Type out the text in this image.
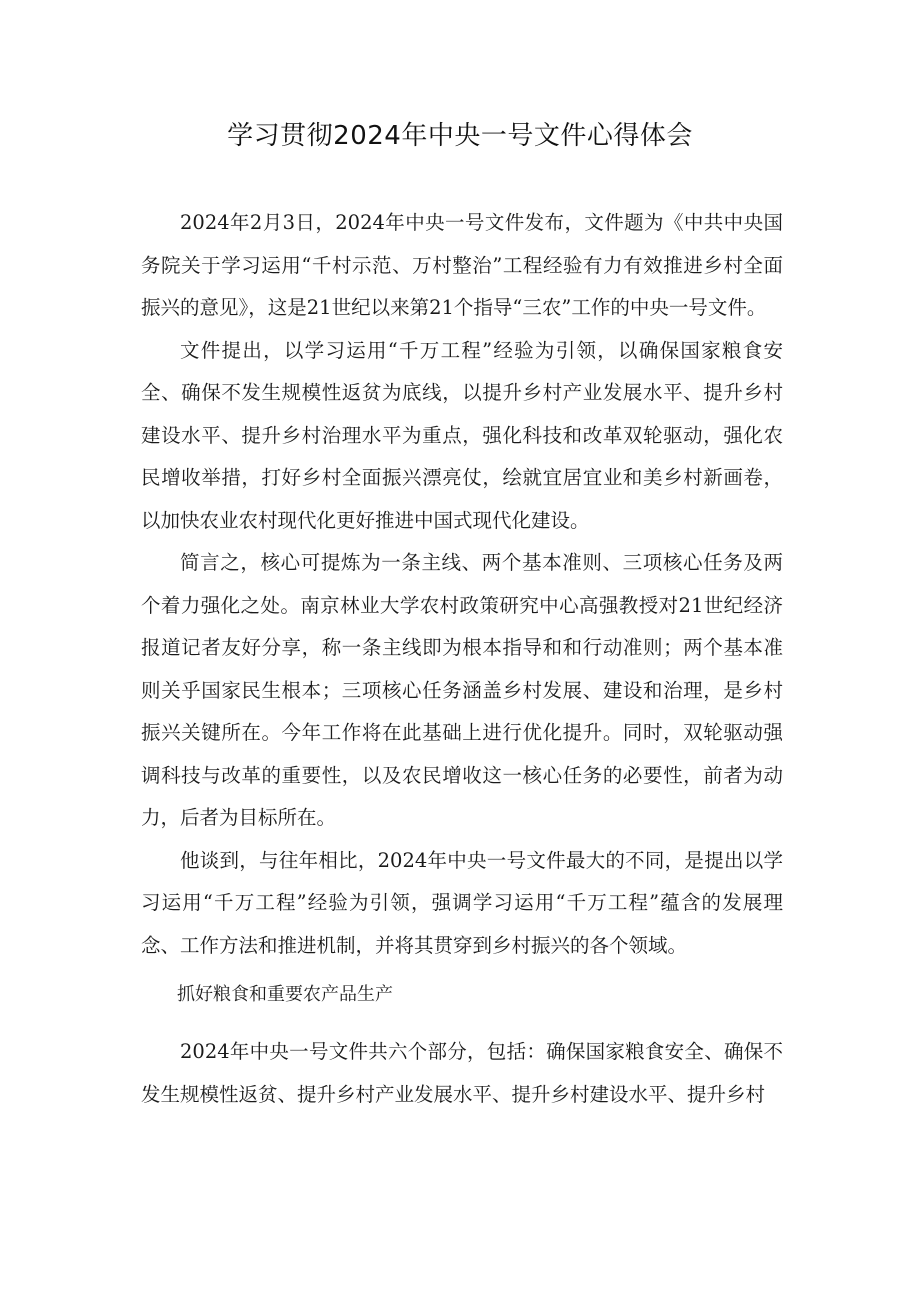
学习贯彻2024年中央一号文件心得体会

2024年2月3日，2024年中央一号文件发布，文件题为《中共中央国务院关于学习运用“千村示范、万村整治”工程经验有力有效推进乡村全面振兴的意见》，这是21世纪以来第21个指导“三农”工作的中央一号文件。

文件提出，以学习运用“千万工程”经验为引领，以确保国家粮食安全、确保不发生规模性返贫为底线，以提升乡村产业发展水平、提升乡村建设水平、提升乡村治理水平为重点，强化科技和改革双轮驱动，强化农民增收举措，打好乡村全面振兴漂亮仗，绘就宜居宜业和美乡村新画卷，以加快农业农村现代化更好推进中国式现代化建设。

简言之，核心可提炼为一条主线、两个基本准则、三项核心任务及两个着力强化之处。南京林业大学农村政策研究中心高强教授对21世纪经济报道记者友好分享，称一条主线即为根本指导和和行动准则；两个基本准则关乎国家民生根本；三项核心任务涵盖乡村发展、建设和治理，是乡村振兴关键所在。今年工作将在此基础上进行优化提升。同时，双轮驱动强调科技与改革的重要性，以及农民增收这一核心任务的必要性，前者为动力，后者为目标所在。

他谈到，与往年相比，2024年中央一号文件最大的不同，是提出以学习运用“千万工程”经验为引领，强调学习运用“千万工程”蕴含的发展理念、工作方法和推进机制，并将其贯穿到乡村振兴的各个领域。

抓好粮食和重要农产品生产

2024年中央一号文件共六个部分，包括：确保国家粮食安全、确保不发生规模性返贫、提升乡村产业发展水平、提升乡村建设水平、提升乡村
